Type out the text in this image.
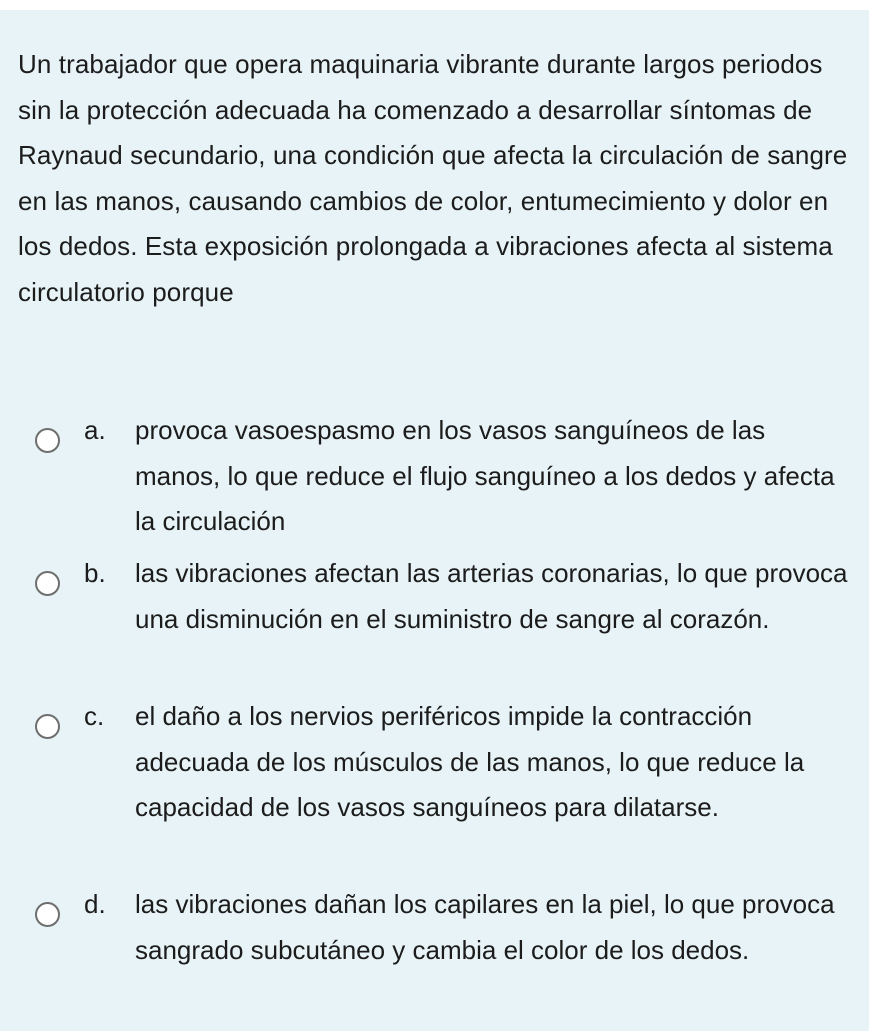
Un trabajador que opera maquinaria vibrante durante largos periodos sin la protección adecuada ha comenzado a desarrollar síntomas de Raynaud secundario, una condición que afecta la circulación de sangre en las manos, causando cambios de color, entumecimiento y dolor en los dedos. Esta exposición prolongada a vibraciones afecta al sistema circulatorio porque

a. provoca vasoespasmo en los vasos sanguíneos de las manos, lo que reduce el flujo sanguíneo a los dedos y afecta la circulación
b. las vibraciones afectan las arterias coronarias, lo que provoca una disminución en el suministro de sangre al corazón.
c. el daño a los nervios periféricos impide la contracción adecuada de los músculos de las manos, lo que reduce la capacidad de los vasos sanguíneos para dilatarse.
d. las vibraciones dañan los capilares en la piel, lo que provoca sangrado subcutáneo y cambia el color de los dedos.
